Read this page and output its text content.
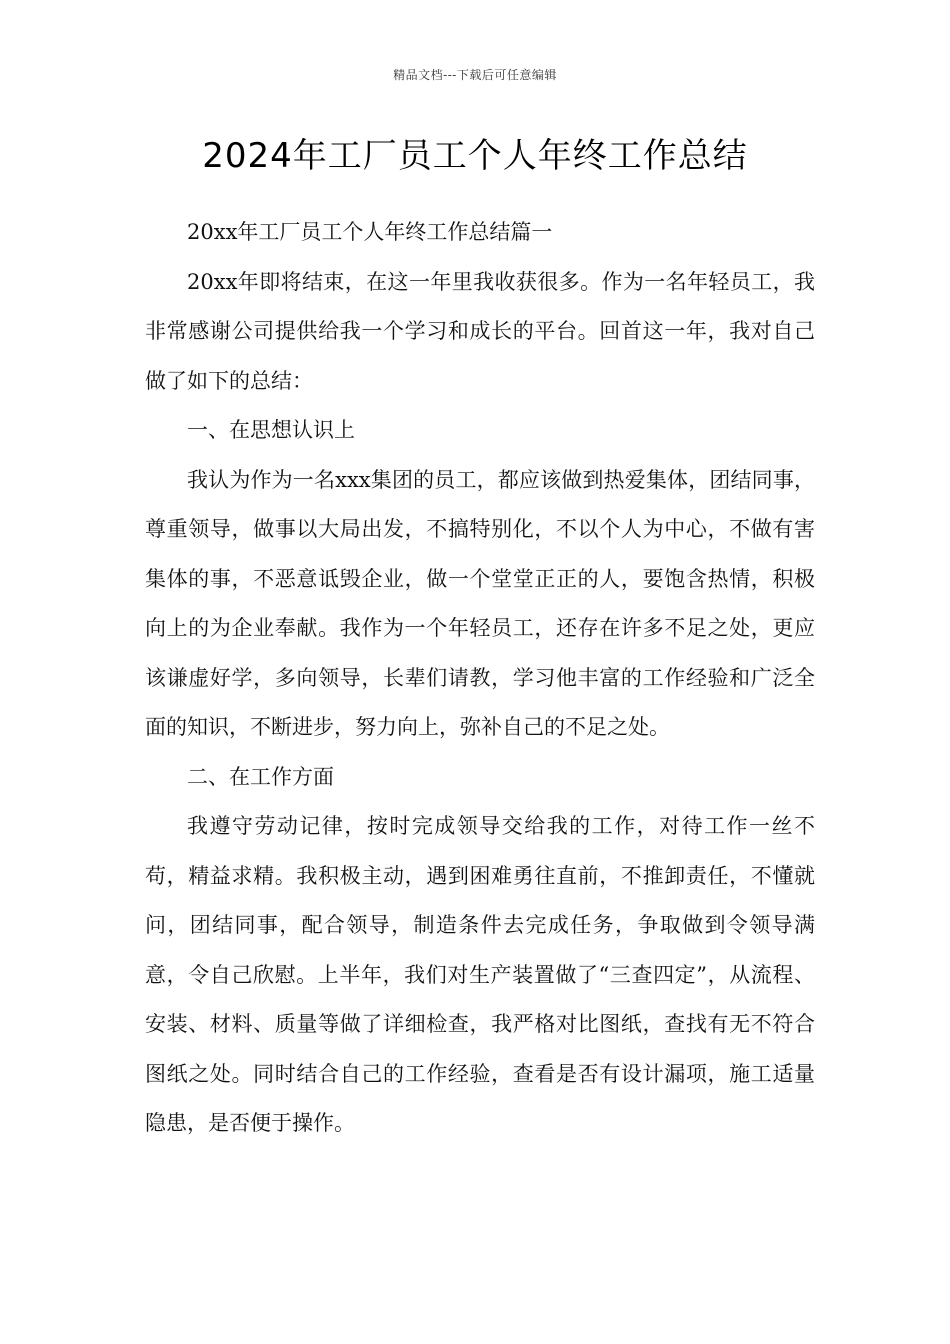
精品文档---下载后可任意编辑
2024年工厂员工个人年终工作总结

20xx年工厂员工个人年终工作总结篇一

20xx年即将结束，在这一年里我收获很多。作为一名年轻员工，我非常感谢公司提供给我一个学习和成长的平台。回首这一年，我对自己做了如下的总结：

一、在思想认识上

我认为作为一名xxx集团的员工，都应该做到热爱集体，团结同事，尊重领导，做事以大局出发，不搞特别化，不以个人为中心，不做有害集体的事，不恶意诋毁企业，做一个堂堂正正的人，要饱含热情，积极向上的为企业奉献。我作为一个年轻员工，还存在许多不足之处，更应该谦虚好学，多向领导，长辈们请教，学习他丰富的工作经验和广泛全面的知识，不断进步，努力向上，弥补自己的不足之处。

二、在工作方面

我遵守劳动记律，按时完成领导交给我的工作，对待工作一丝不苟，精益求精。我积极主动，遇到困难勇往直前，不推卸责任，不懂就问，团结同事，配合领导，制造条件去完成任务，争取做到令领导满意，令自己欣慰。上半年，我们对生产装置做了“三查四定”，从流程、安装、材料、质量等做了详细检查，我严格对比图纸，查找有无不符合图纸之处。同时结合自己的工作经验，查看是否有设计漏项，施工适量隐患，是否便于操作。
